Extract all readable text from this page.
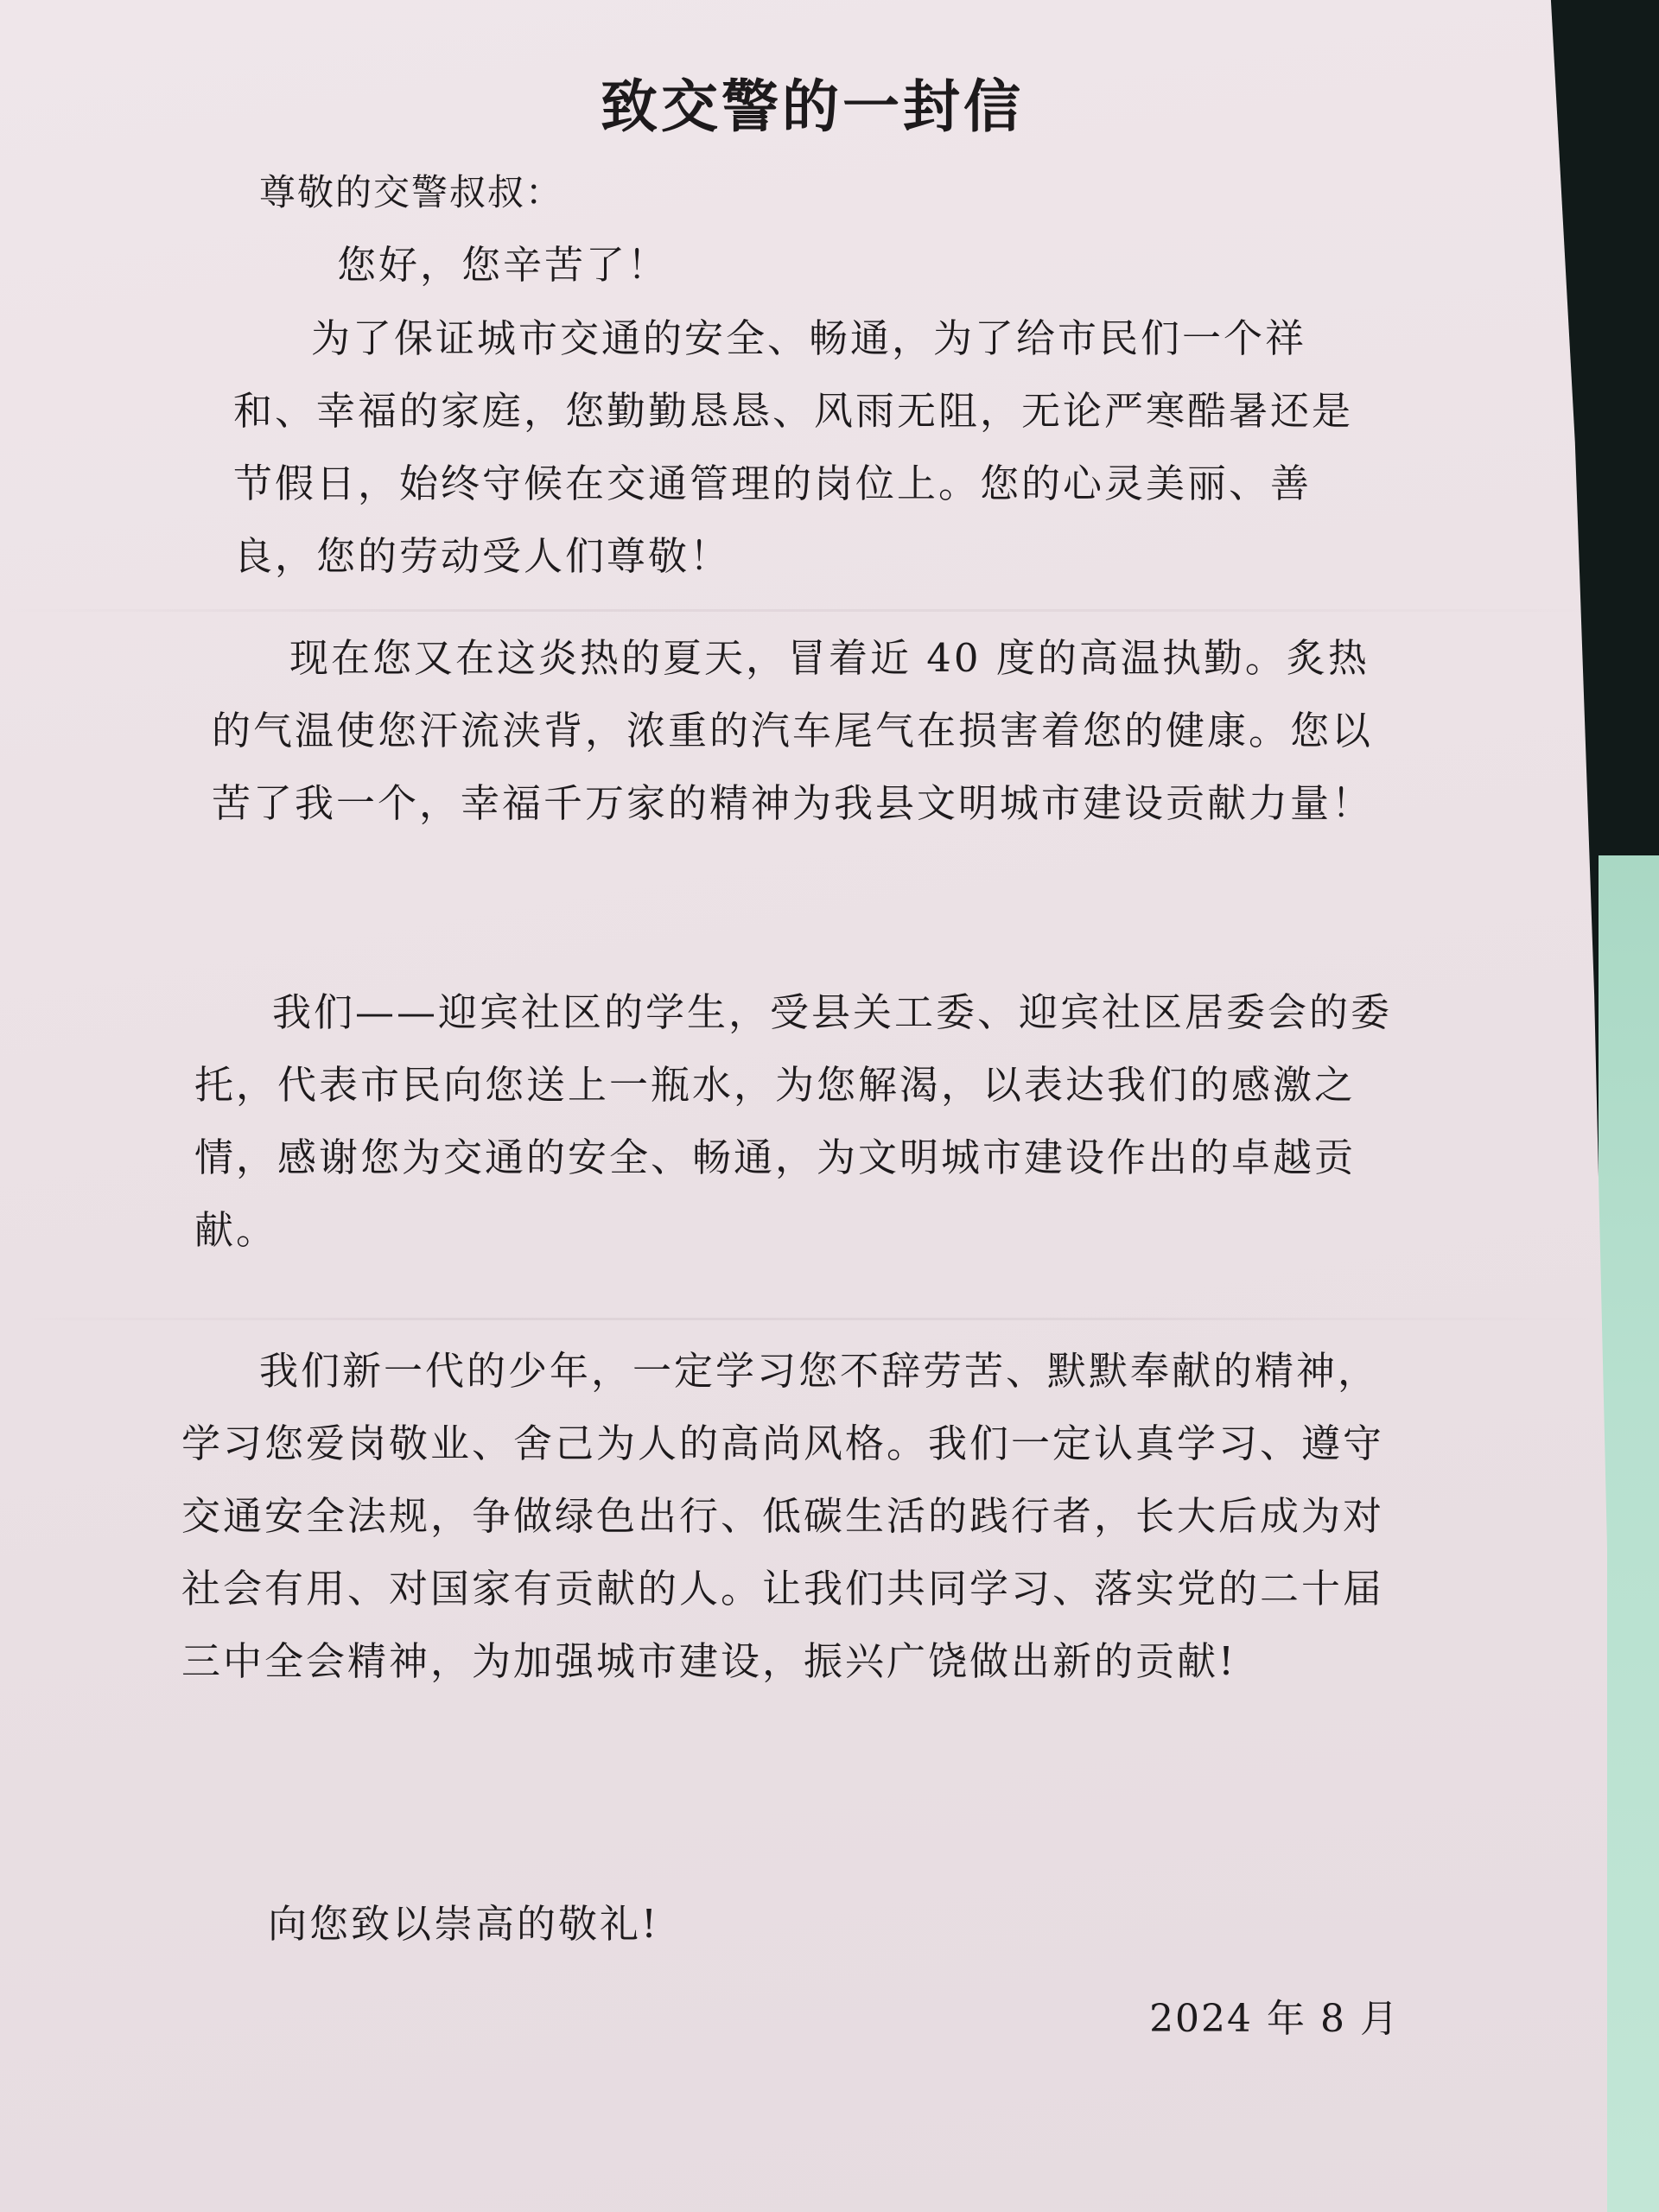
致交警的一封信
尊敬的交警叔叔：
您好，您辛苦了！
为了保证城市交通的安全、畅通，为了给市民们一个祥和、幸福的家庭，您勤勤恳恳、风雨无阻，无论严寒酷暑还是节假日，始终守候在交通管理的岗位上。您的心灵美丽、善良，您的劳动受人们尊敬！
现在您又在这炎热的夏天，冒着近 40 度的高温执勤。炙热的气温使您汗流浃背，浓重的汽车尾气在损害着您的健康。您以苦了我一个，幸福千万家的精神为我县文明城市建设贡献力量！
我们——迎宾社区的学生，受县关工委、迎宾社区居委会的委托，代表市民向您送上一瓶水，为您解渴，以表达我们的感激之情，感谢您为交通的安全、畅通，为文明城市建设作出的卓越贡献。
我们新一代的少年，一定学习您不辞劳苦、默默奉献的精神，学习您爱岗敬业、舍己为人的高尚风格。我们一定认真学习、遵守交通安全法规，争做绿色出行、低碳生活的践行者，长大后成为对社会有用、对国家有贡献的人。让我们共同学习、落实党的二十届三中全会精神，为加强城市建设，振兴广饶做出新的贡献!
向您致以崇高的敬礼!
2024 年 8 月
